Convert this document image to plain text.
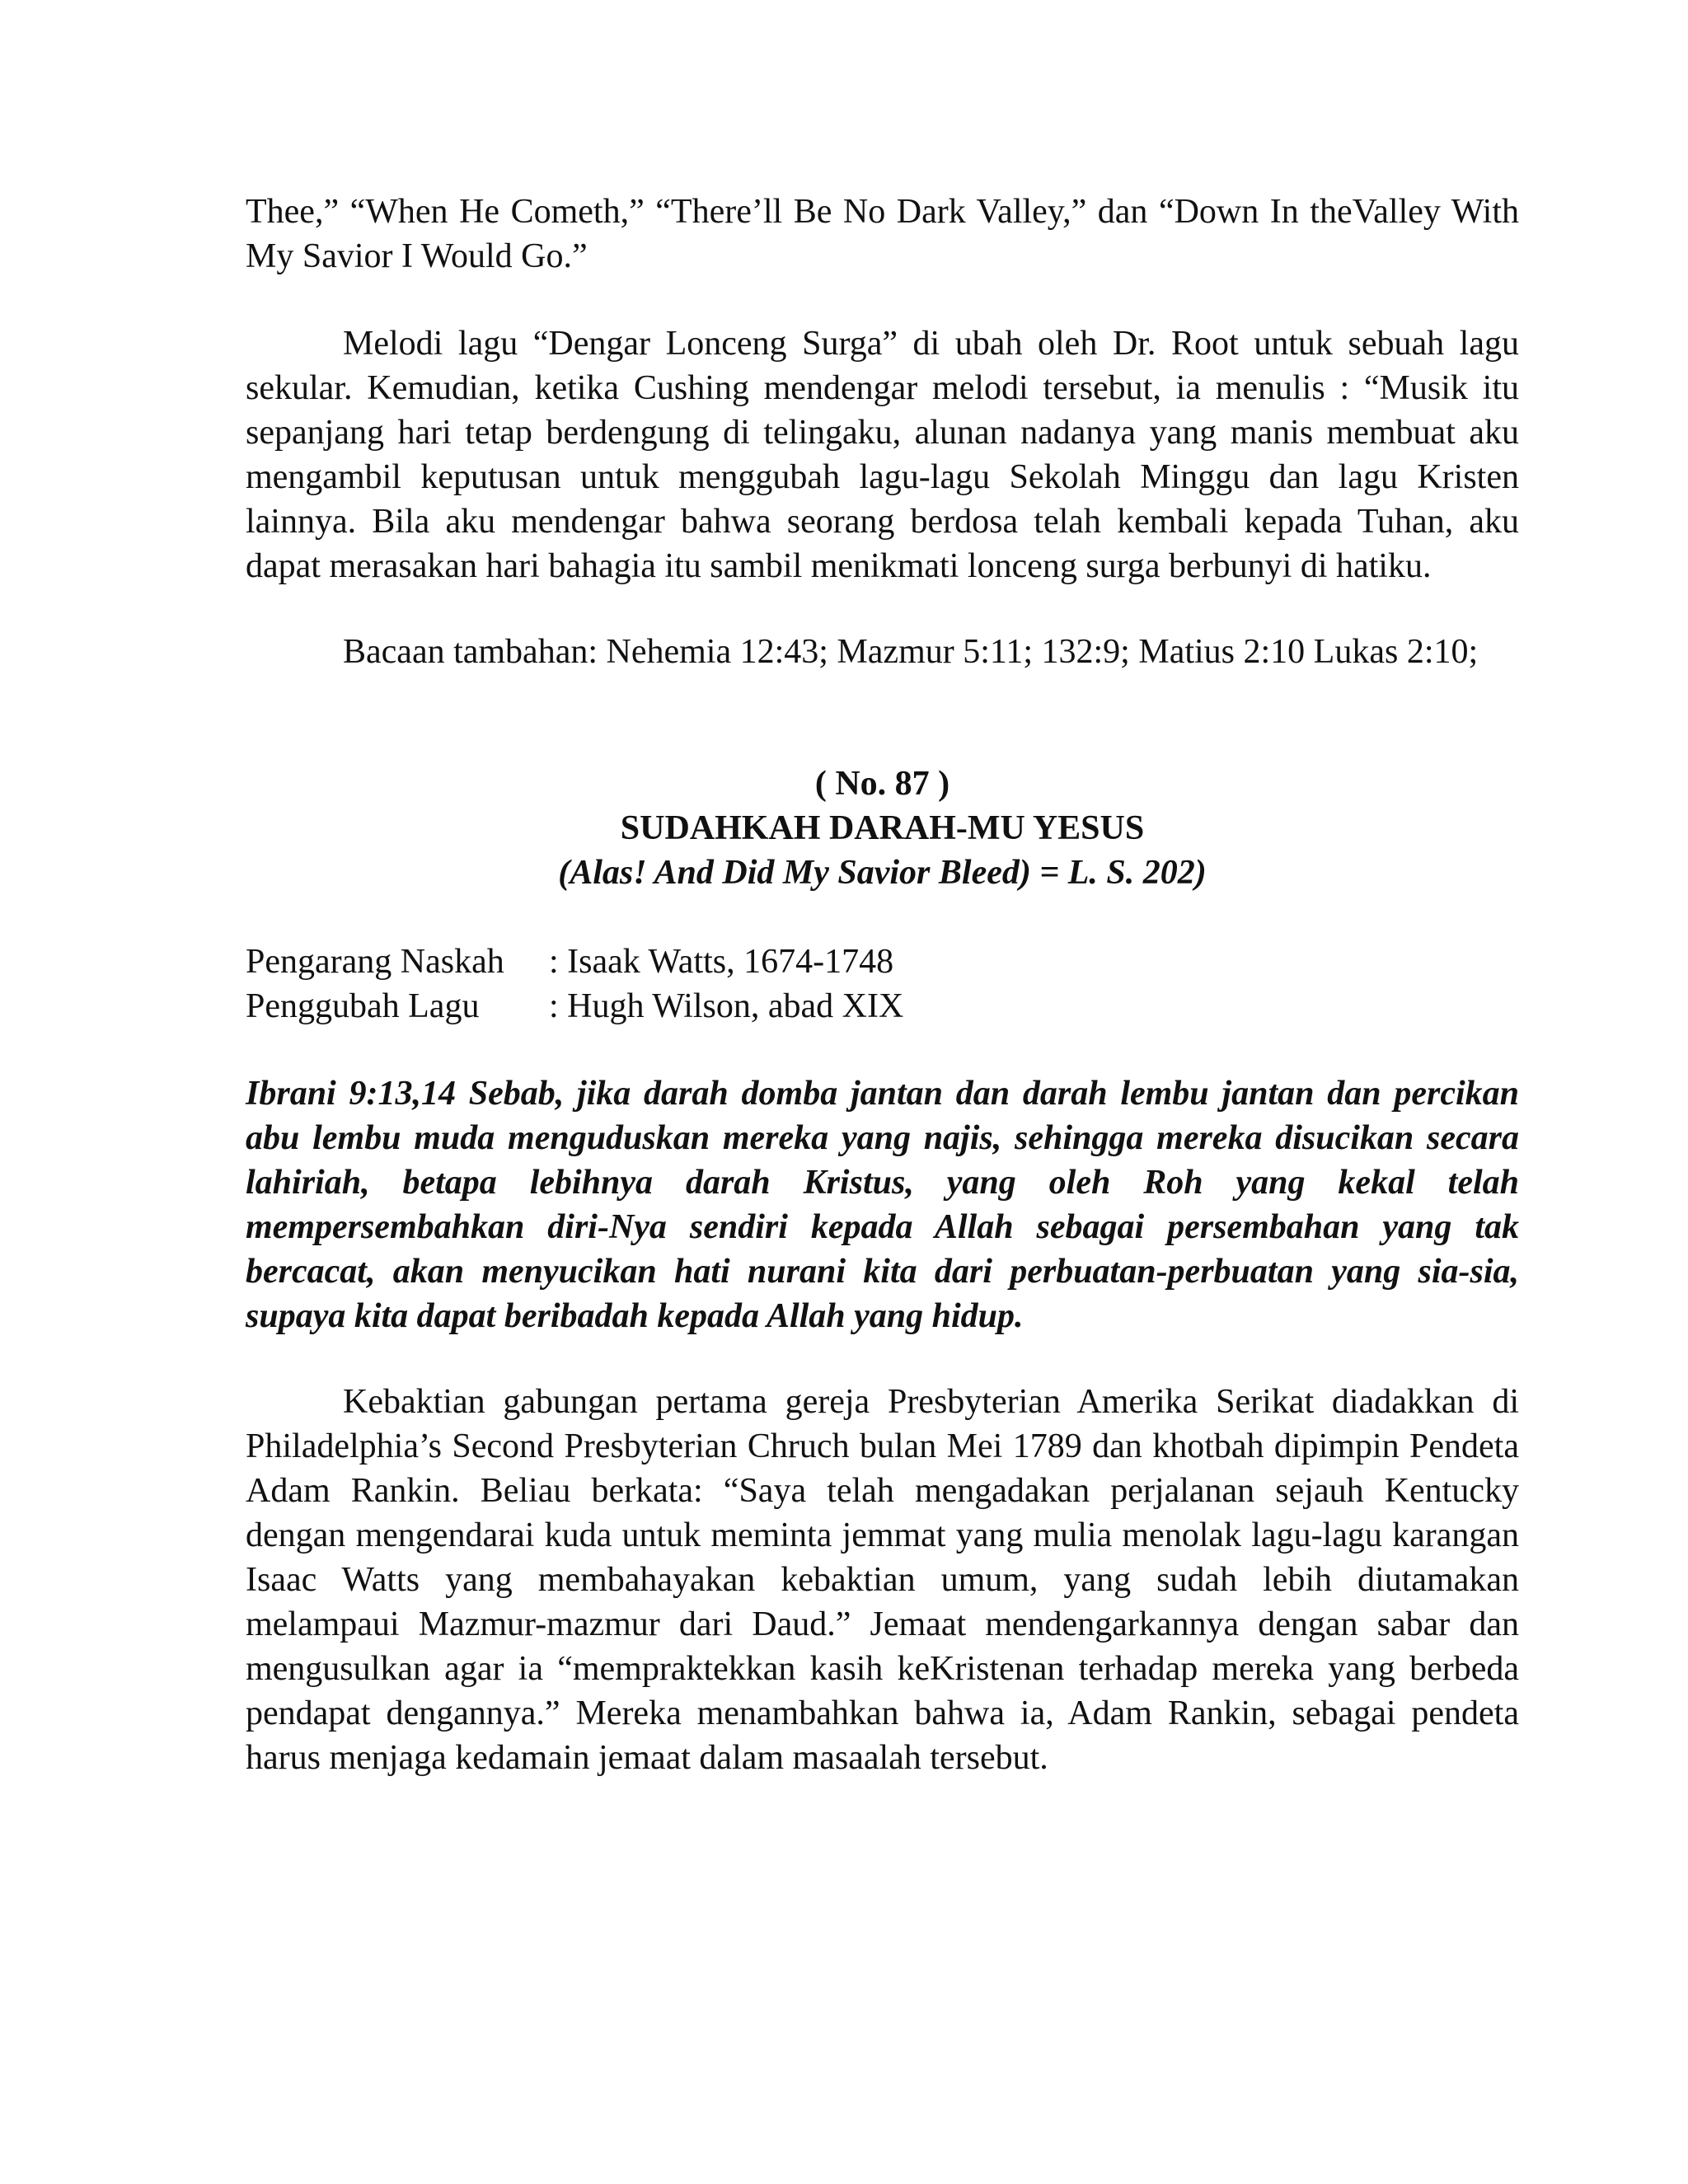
Thee,” “When He Cometh,” “There’ll Be No Dark Valley,” dan “Down In theValley With My Savior I Would Go.”

Melodi lagu “Dengar Lonceng Surga” di ubah oleh Dr. Root untuk sebuah lagu sekular. Kemudian, ketika Cushing mendengar melodi tersebut, ia menulis : “Musik itu sepanjang hari tetap berdengung di telingaku, alunan nadanya yang manis membuat aku mengambil keputusan untuk menggubah lagu-lagu Sekolah Minggu dan lagu Kristen lainnya. Bila aku mendengar bahwa seorang berdosa telah kembali kepada Tuhan, aku dapat merasakan hari bahagia itu sambil menikmati lonceng surga berbunyi di hatiku.

Bacaan tambahan: Nehemia 12:43; Mazmur 5:11; 132:9; Matius 2:10 Lukas 2:10;

( No. 87 )
SUDAHKAH DARAH-MU YESUS
(Alas! And Did My Savior Bleed) = L. S. 202)
Pengarang Naskah	: Isaak Watts, 1674-1748
Penggubah Lagu	: Hugh Wilson, abad XIX

Ibrani 9:13,14 Sebab, jika darah domba jantan dan darah lembu jantan dan percikan abu lembu muda menguduskan mereka yang najis, sehingga mereka disucikan secara lahiriah, betapa lebihnya darah Kristus, yang oleh Roh yang kekal telah mempersembahkan diri-Nya sendiri kepada Allah sebagai persembahan yang tak bercacat, akan menyucikan hati nurani kita dari perbuatan-perbuatan yang sia-sia, supaya kita dapat beribadah kepada Allah yang hidup.

Kebaktian gabungan pertama gereja Presbyterian Amerika Serikat diadakkan di Philadelphia’s Second Presbyterian Chruch bulan Mei 1789 dan khotbah dipimpin Pendeta Adam Rankin. Beliau berkata: “Saya telah mengadakan perjalanan sejauh Kentucky dengan mengendarai kuda untuk meminta jemmat yang mulia menolak lagu-lagu karangan Isaac Watts yang membahayakan kebaktian umum, yang sudah lebih diutamakan melampaui Mazmur-mazmur dari Daud.” Jemaat mendengarkannya dengan sabar dan mengusulkan agar ia “mempraktekkan kasih keKristenan terhadap mereka yang berbeda pendapat dengannya.” Mereka menambahkan bahwa ia, Adam Rankin, sebagai pendeta harus menjaga kedamain jemaat dalam masaalah tersebut.
